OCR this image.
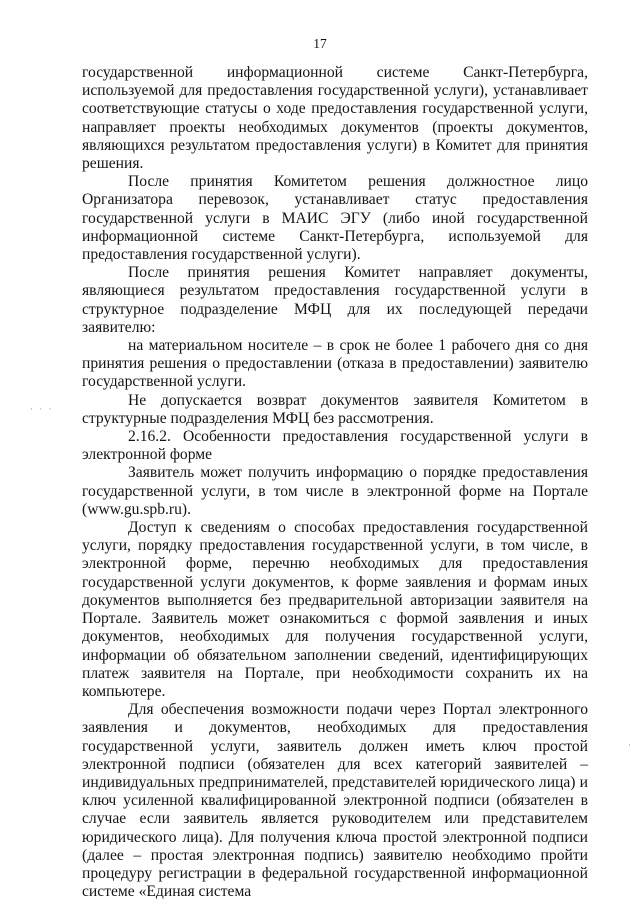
17

государственной информационной системе Санкт-Петербурга, используемой для предоставления государственной услуги), устанавливает соответствующие статусы о ходе предоставления государственной услуги, направляет проекты необходимых документов (проекты документов, являющихся результатом предоставления услуги) в Комитет для принятия решения.

После принятия Комитетом решения должностное лицо Организатора перевозок, устанавливает статус предоставления государственной услуги в МАИС ЭГУ (либо иной государственной информационной системе Санкт-Петербурга, используемой для предоставления государственной услуги).

После принятия решения Комитет направляет документы, являющиеся результатом предоставления государственной услуги в структурное подразделение МФЦ для их последующей передачи заявителю:

на материальном носителе – в срок не более 1 рабочего дня со дня принятия решения о предоставлении (отказа в предоставлении) заявителю государственной услуги.

Не допускается возврат документов заявителя Комитетом в структурные подразделения МФЦ без рассмотрения.

2.16.2. Особенности предоставления государственной услуги в электронной форме

Заявитель может получить информацию о порядке предоставления государственной услуги, в том числе в электронной форме на Портале (www.gu.spb.ru).

Доступ к сведениям о способах предоставления государственной услуги, порядку предоставления государственной услуги, в том числе, в электронной форме, перечню необходимых для предоставления государственной услуги документов, к форме заявления и формам иных документов выполняется без предварительной авторизации заявителя на Портале. Заявитель может ознакомиться с формой заявления и иных документов, необходимых для получения государственной услуги, информации об обязательном заполнении сведений, идентифицирующих платеж заявителя на Портале, при необходимости сохранить их на компьютере.

Для обеспечения возможности подачи через Портал электронного заявления и документов, необходимых для предоставления государственной услуги, заявитель должен иметь ключ простой электронной подписи (обязателен для всех категорий заявителей – индивидуальных предпринимателей, представителей юридического лица) и ключ усиленной квалифицированной электронной подписи (обязателен в случае если заявитель является руководителем или представителем юридического лица). Для получения ключа простой электронной подписи (далее – простая электронная подпись) заявителю необходимо пройти процедуру регистрации в федеральной государственной информационной системе «Единая система

· · ·
·
